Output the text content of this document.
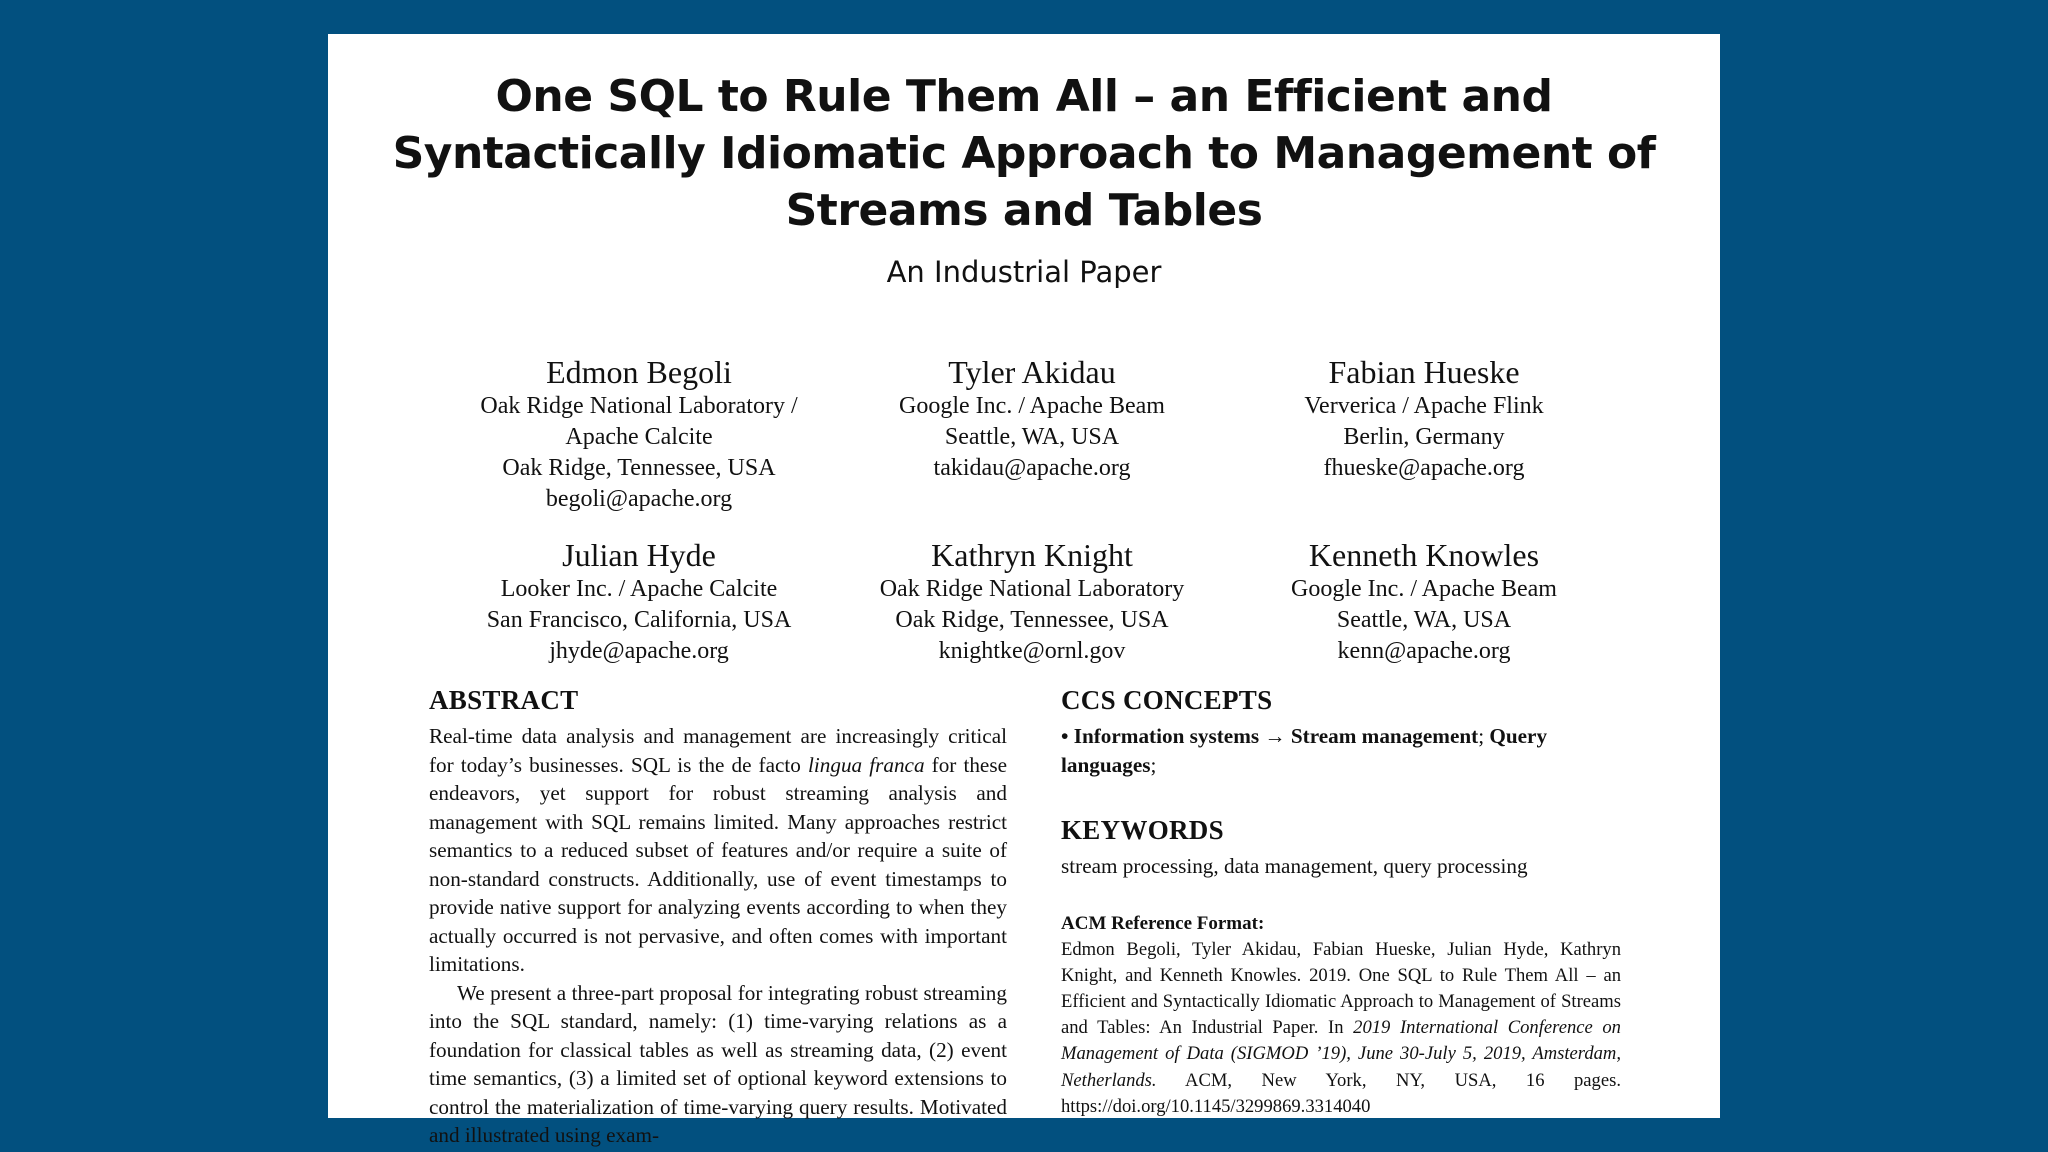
One SQL to Rule Them All – an Efficient and
Syntactically Idiomatic Approach to Management of
Streams and Tables
An Industrial Paper
Edmon Begoli
Oak Ridge National Laboratory /
Apache Calcite
Oak Ridge, Tennessee, USA
begoli@apache.org
Tyler Akidau
Google Inc. / Apache Beam
Seattle, WA, USA
takidau@apache.org
Fabian Hueske
Ververica / Apache Flink
Berlin, Germany
fhueske@apache.org
Julian Hyde
Looker Inc. / Apache Calcite
San Francisco, California, USA
jhyde@apache.org
Kathryn Knight
Oak Ridge National Laboratory
Oak Ridge, Tennessee, USA
knightke@ornl.gov
Kenneth Knowles
Google Inc. / Apache Beam
Seattle, WA, USA
kenn@apache.org
ABSTRACT

Real-time data analysis and management are increasingly critical for today’s businesses. SQL is the de facto lingua franca for these endeavors, yet support for robust streaming analysis and management with SQL remains limited. Many approaches restrict semantics to a reduced subset of features and/or require a suite of non-standard constructs. Additionally, use of event timestamps to provide native support for analyzing events according to when they actually occurred is not pervasive, and often comes with important limitations.

We present a three-part proposal for integrating robust streaming into the SQL standard, namely: (1) time-varying relations as a foundation for classical tables as well as streaming data, (2) event time semantics, (3) a limited set of optional keyword extensions to control the materialization of time-varying query results. Motivated and illustrated using exam-

CCS CONCEPTS
• Information systems → Stream management; Query languages;
KEYWORDS
stream processing, data management, query processing
ACM Reference Format:
Edmon Begoli, Tyler Akidau, Fabian Hueske, Julian Hyde, Kathryn Knight, and Kenneth Knowles. 2019. One SQL to Rule Them All – an Efficient and Syntactically Idiomatic Approach to Management of Streams and Tables: An Industrial Paper. In 2019 International Conference on Management of Data (SIGMOD ’19), June 30-July 5, 2019, Amsterdam, Netherlands. ACM, New York, NY, USA, 16 pages. https://doi.org/10.1145/3299869.3314040
